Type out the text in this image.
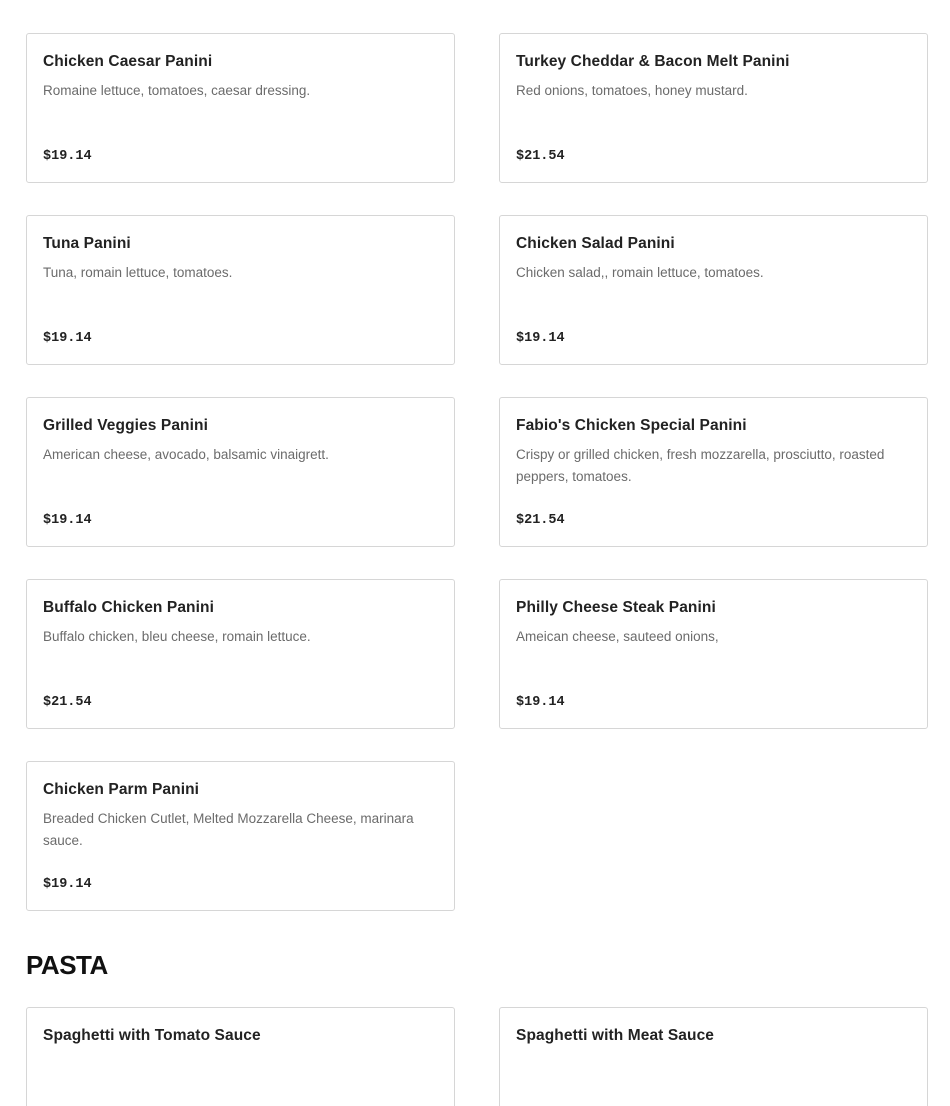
Chicken Caesar Panini
Romaine lettuce, tomatoes, caesar dressing.
$19.14
Turkey Cheddar & Bacon Melt Panini
Red onions, tomatoes, honey mustard.
$21.54
Tuna Panini
Tuna, romain lettuce, tomatoes.
$19.14
Chicken Salad Panini
Chicken salad,, romain lettuce, tomatoes.
$19.14
Grilled Veggies Panini
American cheese, avocado, balsamic vinaigrett.
$19.14
Fabio's Chicken Special Panini
Crispy or grilled chicken, fresh mozzarella, prosciutto, roasted peppers, tomatoes.
$21.54
Buffalo Chicken Panini
Buffalo chicken, bleu cheese, romain lettuce.
$21.54
Philly Cheese Steak Panini
Ameican cheese, sauteed onions,
$19.14
Chicken Parm Panini
Breaded Chicken Cutlet, Melted Mozzarella Cheese, marinara sauce.
$19.14
PASTA
Spaghetti with Tomato Sauce	Spaghetti with Meat Sauce
